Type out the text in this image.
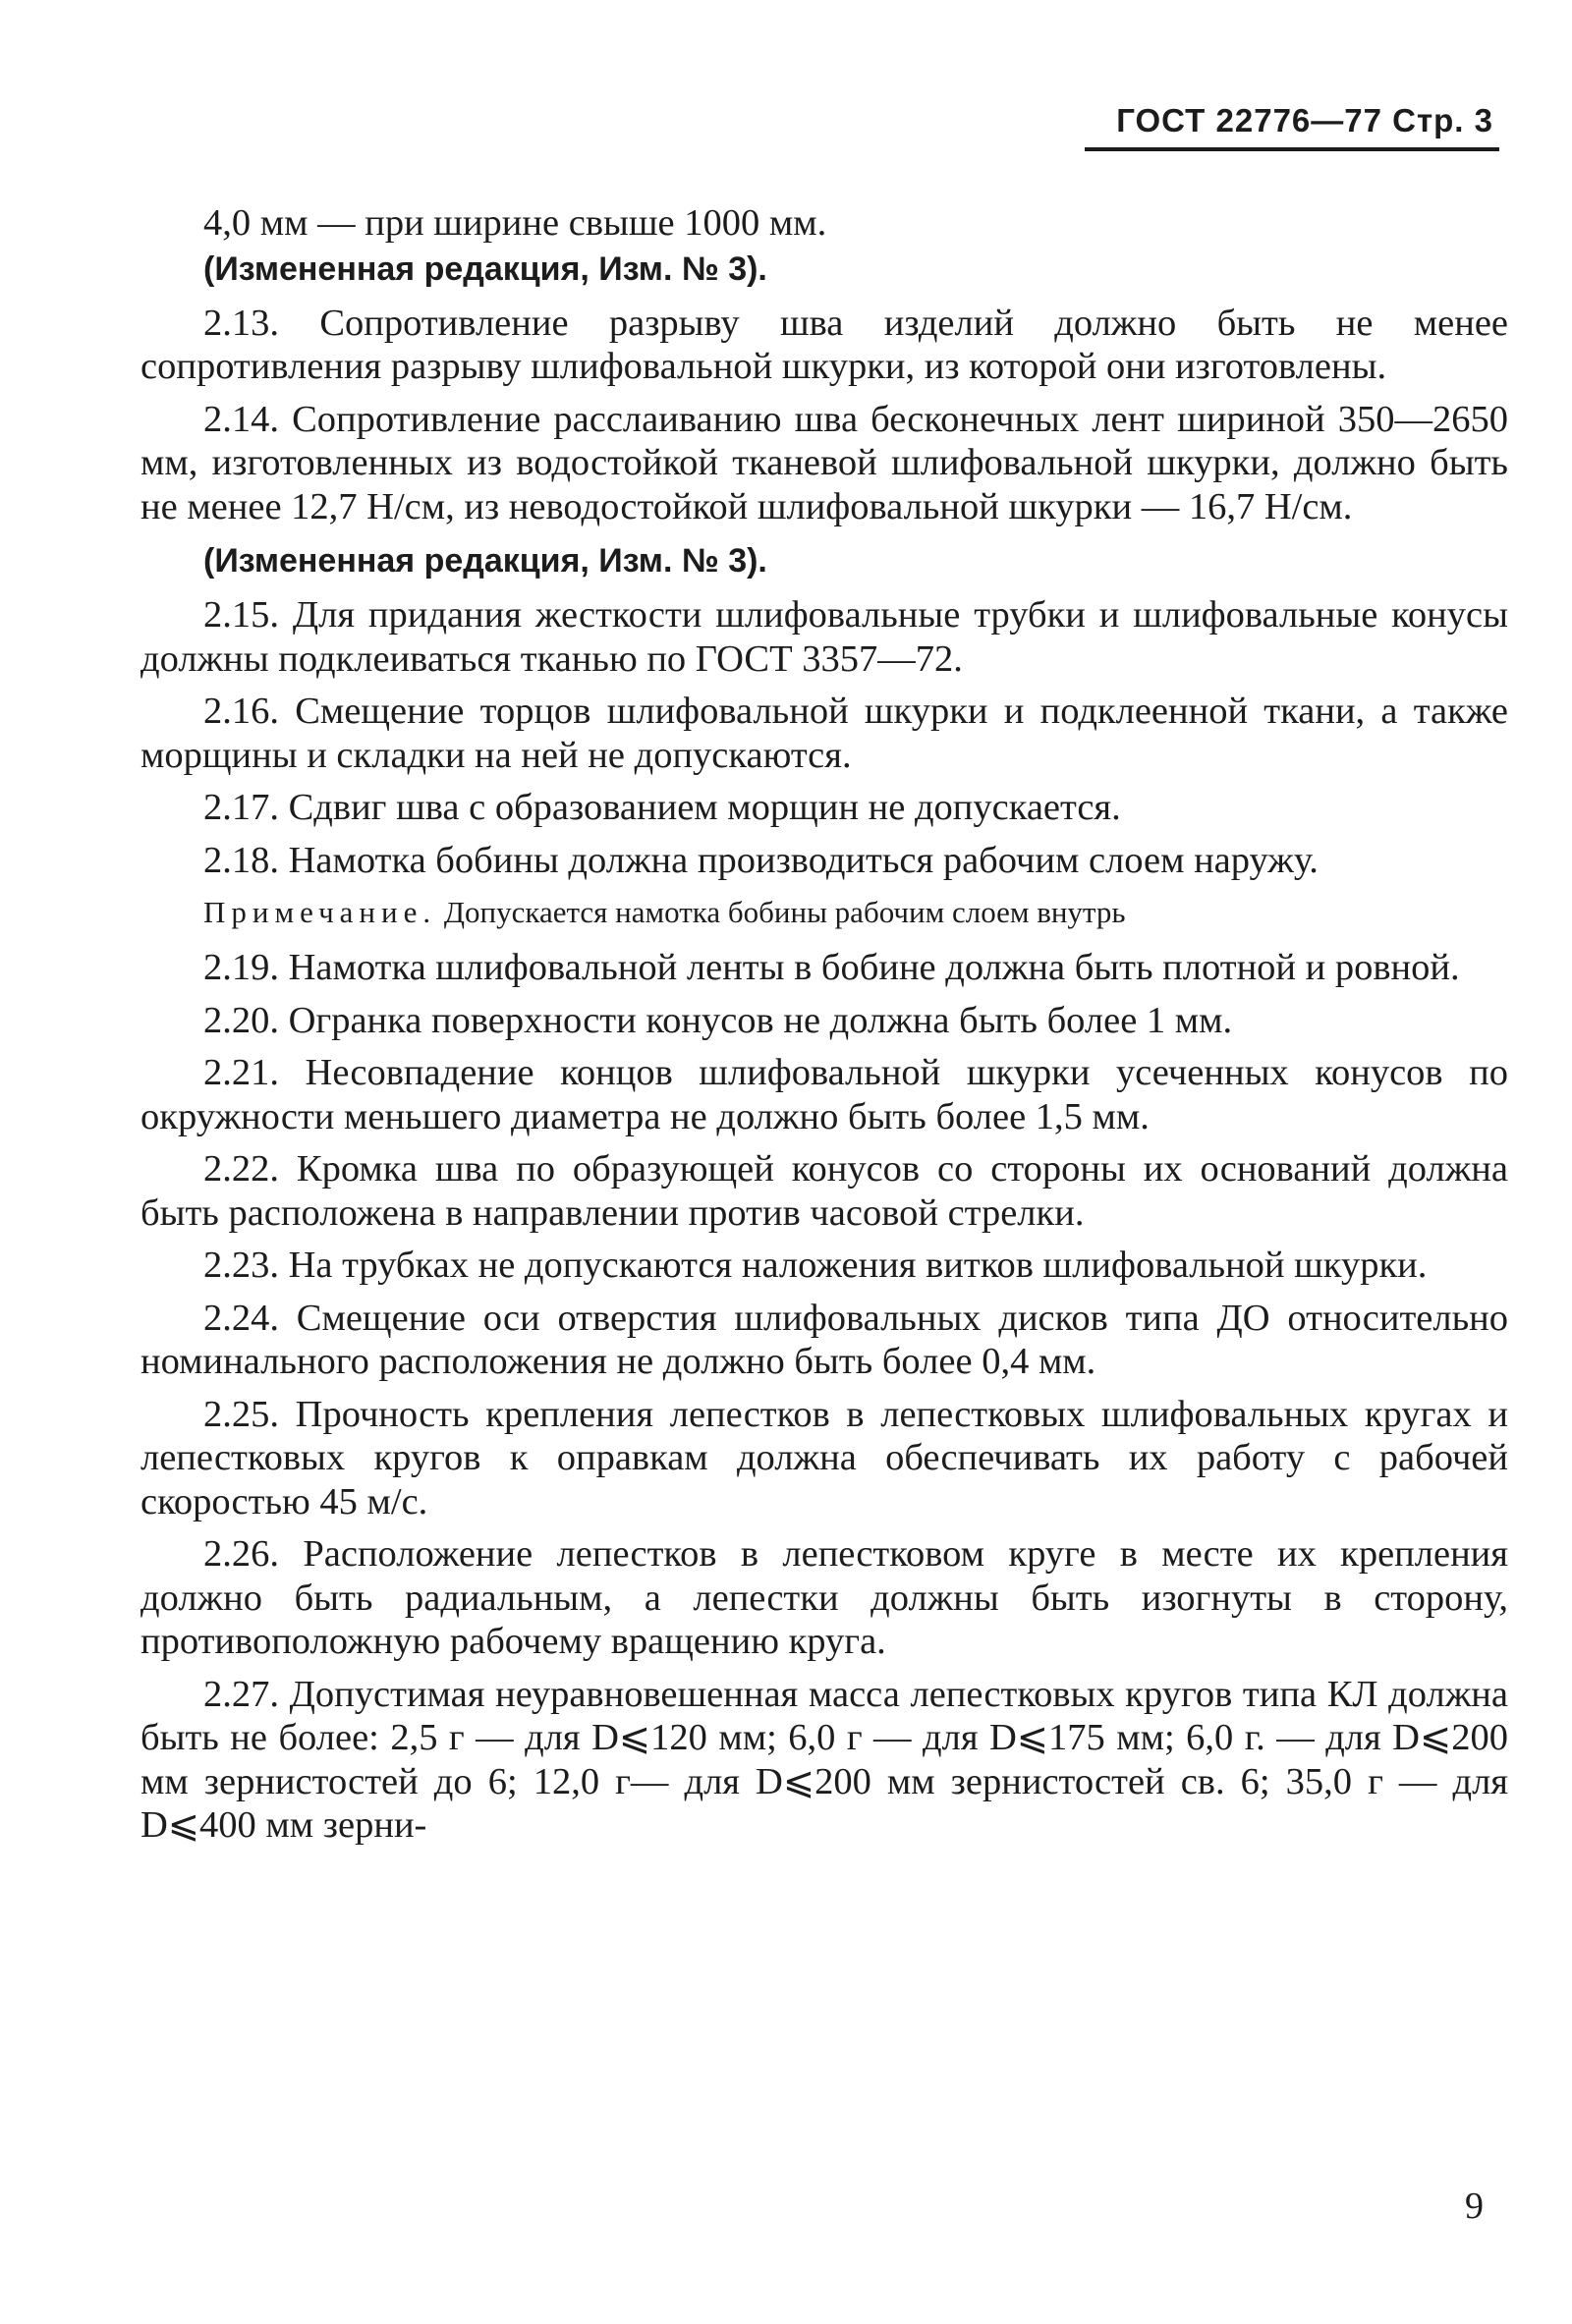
ГОСТ 22776—77 Стр. 3

4,0 мм — при ширине свыше 1000 мм.

(Измененная редакция, Изм. № 3).

2.13. Сопротивление разрыву шва изделий должно быть не менее сопротивления разрыву шлифовальной шкурки, из которой они изготовлены.

2.14. Сопротивление расслаиванию шва бесконечных лент шириной 350—2650 мм, изготовленных из водостойкой тканевой шлифовальной шкурки, должно быть не менее 12,7 Н/см, из неводостойкой шлифовальной шкурки — 16,7 Н/см.

(Измененная редакция, Изм. № 3).

2.15. Для придания жесткости шлифовальные трубки и шлифовальные конусы должны подклеиваться тканью по ГОСТ 3357—72.

2.16. Смещение торцов шлифовальной шкурки и подклеенной ткани, а также морщины и складки на ней не допускаются.

2.17. Сдвиг шва с образованием морщин не допускается.

2.18. Намотка бобины должна производиться рабочим слоем наружу.

Примечание. Допускается намотка бобины рабочим слоем внутрь

2.19. Намотка шлифовальной ленты в бобине должна быть плотной и ровной.

2.20. Огранка поверхности конусов не должна быть более 1 мм.

2.21. Несовпадение концов шлифовальной шкурки усеченных конусов по окружности меньшего диаметра не должно быть более 1,5 мм.

2.22. Кромка шва по образующей конусов со стороны их оснований должна быть расположена в направлении против часовой стрелки.

2.23. На трубках не допускаются наложения витков шлифовальной шкурки.

2.24. Смещение оси отверстия шлифовальных дисков типа ДО относительно номинального расположения не должно быть более 0,4 мм.

2.25. Прочность крепления лепестков в лепестковых шлифовальных кругах и лепестковых кругов к оправкам должна обеспечивать их работу с рабочей скоростью 45 м/с.

2.26. Расположение лепестков в лепестковом круге в месте их крепления должно быть радиальным, а лепестки должны быть изогнуты в сторону, противоположную рабочему вращению круга.

2.27. Допустимая неуравновешенная масса лепестковых кругов типа КЛ должна быть не более: 2,5 г — для D⩽120 мм; 6,0 г — для D⩽175 мм; 6,0 г. — для D⩽200 мм зернистостей до 6; 12,0 г— для D⩽200 мм зернистостей св. 6; 35,0 г — для D⩽400 мм зерни-

9
